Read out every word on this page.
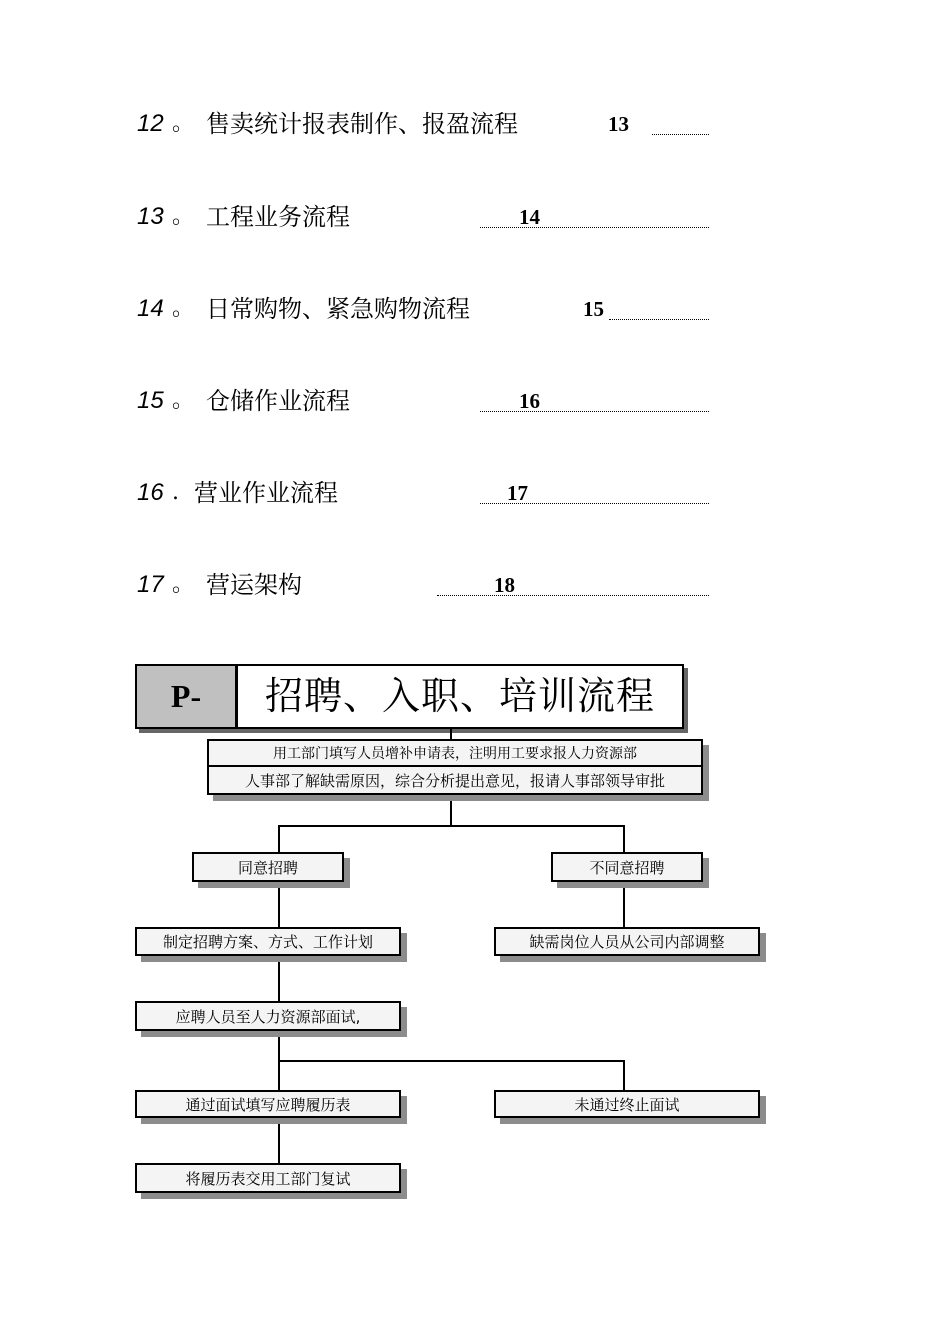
12 。 售卖统计报表制作、报盈流程	13
13 。 工程业务流程	14
14 。 日常购物、紧急购物流程	15
15 。 仓储作业流程	16
16 . 营业作业流程	17
17 。 营运架构	18
P-	招聘、入职、培训流程
用工部门填写人员增补申请表，注明用工要求报人力资源部
人事部了解缺需原因，综合分析提出意见，报请人事部领导审批
同意招聘	不同意招聘
制定招聘方案、方式、工作计划	缺需岗位人员从公司内部调整
应聘人员至人力资源部面试,
通过面试填写应聘履历表	未通过终止面试
将履历表交用工部门复试
